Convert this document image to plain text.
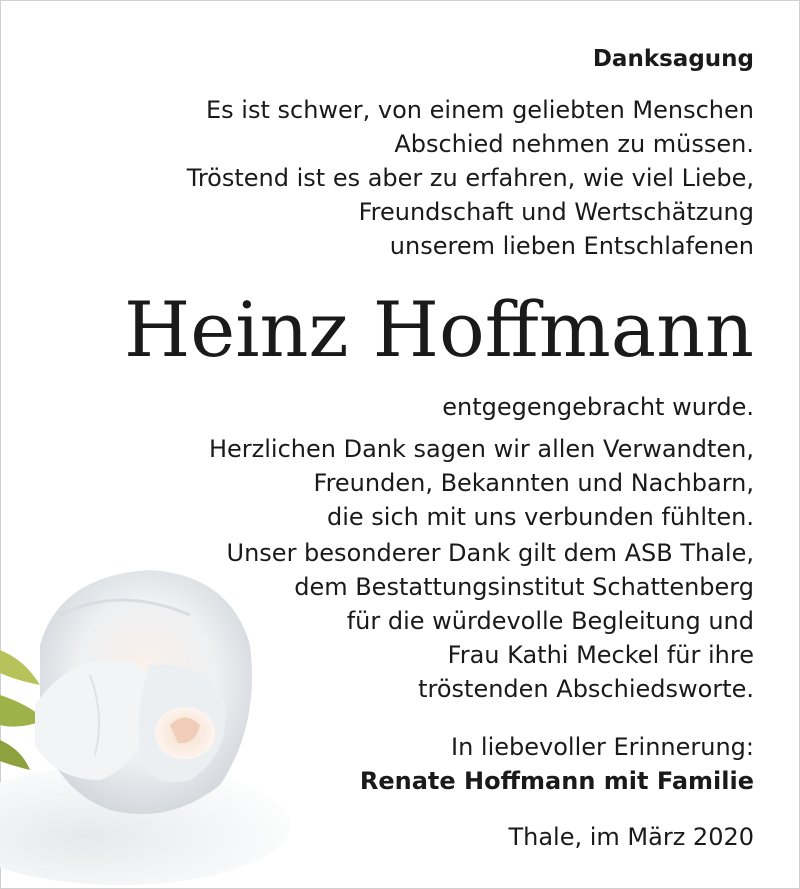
Danksagung
Es ist schwer, von einem geliebten Menschen
Abschied nehmen zu müssen.
Tröstend ist es aber zu erfahren, wie viel Liebe,
Freundschaft und Wertschätzung
unserem lieben Entschlafenen
Heinz Hoffmann
entgegengebracht wurde.
Herzlichen Dank sagen wir allen Verwandten,
Freunden, Bekannten und Nachbarn,
die sich mit uns verbunden fühlten.
Unser besonderer Dank gilt dem ASB Thale,
dem Bestattungsinstitut Schattenberg
für die würdevolle Begleitung und
Frau Kathi Meckel für ihre
tröstenden Abschiedsworte.
In liebevoller Erinnerung:
Renate Hoffmann mit Familie
Thale, im März 2020
